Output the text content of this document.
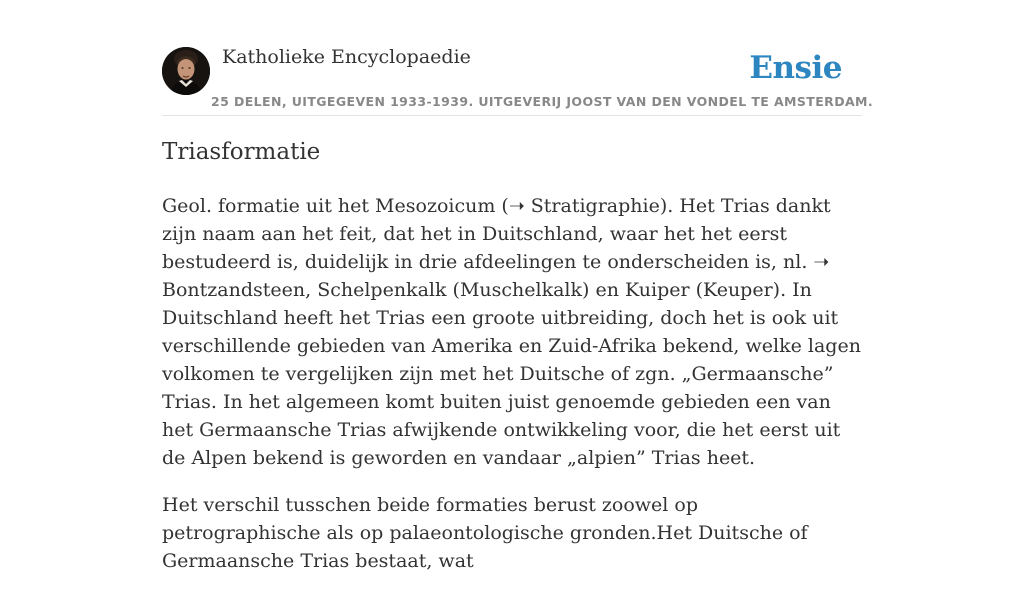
Katholieke Encyclopaedie	Ensie
25 DELEN, UITGEGEVEN 1933-1939. UITGEVERIJ JOOST VAN DEN VONDEL TE AMSTERDAM.
Triasformatie

Geol. formatie uit het Mesozoicum (➝ Stratigraphie). Het Trias dankt zijn naam aan het feit, dat het in Duitschland, waar het het eerst bestudeerd is, duidelijk in drie afdeelingen te onderscheiden is, nl. ➝ Bontzandsteen, Schelpenkalk (Muschelkalk) en Kuiper (Keuper). In Duitschland heeft het Trias een groote uitbreiding, doch het is ook uit verschillende gebieden van Amerika en Zuid-Afrika bekend, welke lagen volkomen te vergelijken zijn met het Duitsche of zgn. „Germaansche” Trias. In het algemeen komt buiten juist genoemde gebieden een van het Germaansche Trias afwijkende ontwikkeling voor, die het eerst uit de Alpen bekend is geworden en vandaar „alpien” Trias heet.

Het verschil tusschen beide formaties berust zoowel op petrographische als op palaeontologische gronden.Het Duitsche of Germaansche Trias bestaat, wat
